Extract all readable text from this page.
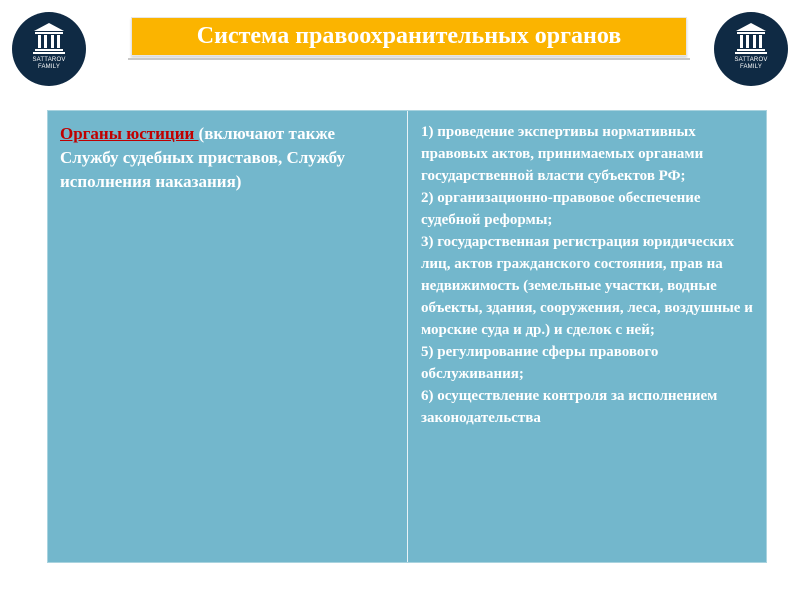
SATTAROV
FAMILY
SATTAROV
FAMILY
Система правоохранительных органов
Органы юстиции (включают также Службу судебных приставов, Службу исполнения наказания)

1) проведение экспертивы нормативных правовых актов, принимаемых органами государственной власти субъектов РФ;

2) организационно-правовое обеспечение судебной реформы;

3) государственная регистрация юридических лиц, актов гражданского состояния, прав на недвижимость (земельные участки, водные объекты, здания, сооружения, леса, воздушные и морские суда и др.) и сделок с ней;

5) регулирование сферы правового обслуживания;

6) осуществление контроля за исполнением законодательства
